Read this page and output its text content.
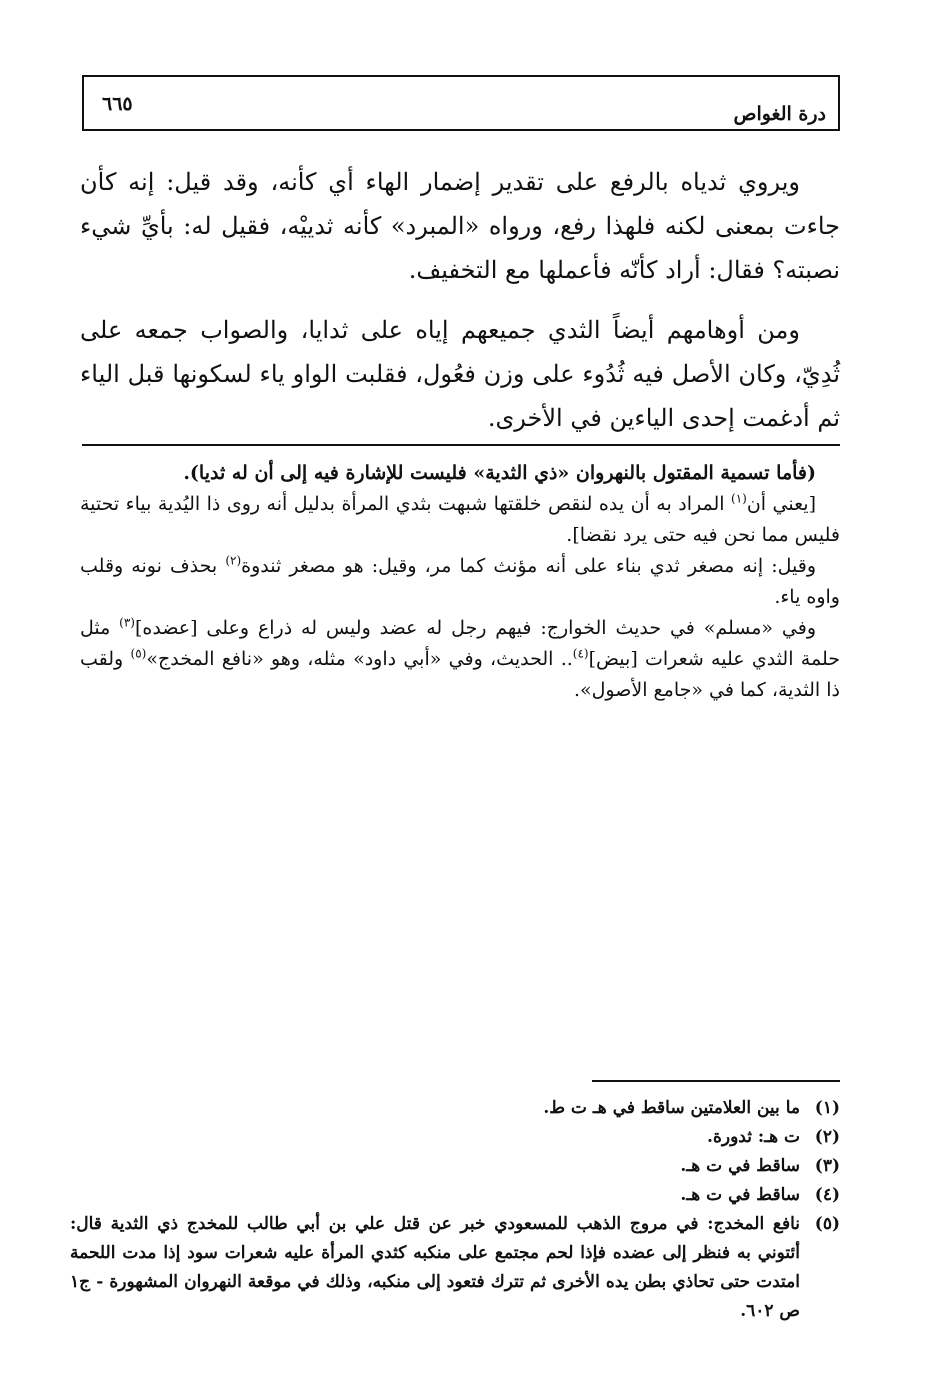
درة الغواص
٦٦٥

ويروي ثدياه بالرفع على تقدير إضمار الهاء أي كأنه، وقد قيل: إنه كأن جاءت بمعنى لكنه فلهذا رفع، ورواه «المبرد» كأنه ثدييْه، فقيل له: بأيِّ شيء نصبته؟ فقال: أراد كأنّه فأعملها مع التخفيف.

ومن أوهامهم أيضاً الثدي جميعهم إياه على ثدايا، والصواب جمعه على ثُدِيّ، وكان الأصل فيه ثُدُوء على وزن فعُول، فقلبت الواو ياء لسكونها قبل الياء ثم أدغمت إحدى الياءين في الأخرى.

(فأما تسمية المقتول بالنهروان «ذي الثدية» فليست للإشارة فيه إلى أن له ثديا).

[يعني أن$^{(١)}$ المراد به أن يده لنقص خلقتها شبهت بثدي المرأة بدليل أنه روى ذا اليُدية بياء تحتية فليس مما نحن فيه حتى يرد نقضا].

وقيل: إنه مصغر ثدي بناء على أنه مؤنث كما مر، وقيل: هو مصغر ثندوة$^{(٢)}$ بحذف نونه وقلب واوه ياء.

وفي «مسلم» في حديث الخوارج: فيهم رجل له عضد وليس له ذراع وعلى [عضده]$^{(٣)}$ مثل حلمة الثدي عليه شعرات [بيض]$^{(٤)}$.. الحديث، وفي «أبي داود» مثله، وهو «نافع المخدج»$^{(٥)}$ ولقب ذا الثدية، كما في «جامع الأصول».

(١)
ما بين العلامتين ساقط في هـ ت ط.
(٢)
ت هـ: ثدورة.
(٣)
ساقط في ت هـ.
(٤)
ساقط في ت هـ.
(٥)
نافع المخدج: في مروج الذهب للمسعودي خبر عن قتل علي بن أبي طالب للمخدج ذي الثدية قال: أئتوني به فنظر إلى عضده فإذا لحم مجتمع على منكبه كثدي المرأة عليه شعرات سود إذا مدت اللحمة امتدت حتى تحاذي بطن يده الأخرى ثم تترك فتعود إلى منكبه، وذلك في موقعة النهروان المشهورة - ج١ ص ٦٠٢.
